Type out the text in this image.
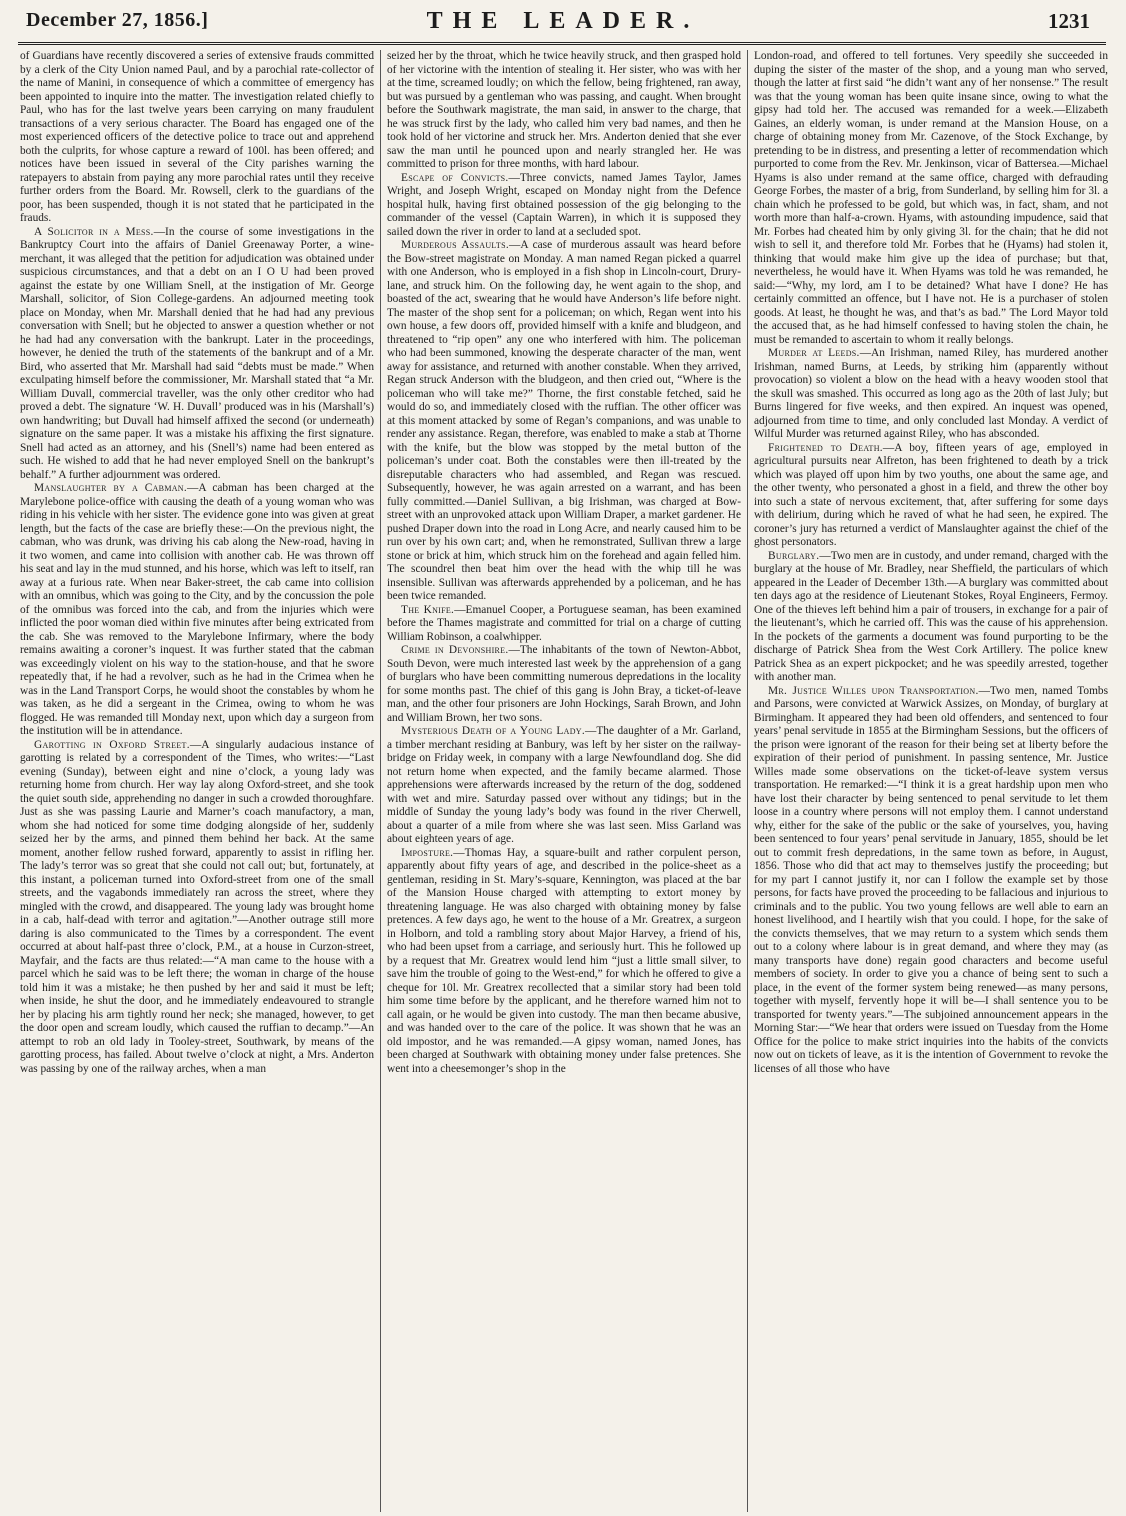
December 27, 1856.]	THE LEADER.	1231

of Guardians have recently discovered a series of extensive frauds committed by a clerk of the City Union named Paul, and by a parochial rate-collector of the name of Manini, in consequence of which a committee of emergency has been appointed to inquire into the matter. The investigation related chiefly to Paul, who has for the last twelve years been carrying on many fraudulent transactions of a very serious character. The Board has engaged one of the most experienced officers of the detective police to trace out and apprehend both the culprits, for whose capture a reward of 100l. has been offered; and notices have been issued in several of the City parishes warning the ratepayers to abstain from paying any more parochial rates until they receive further orders from the Board. Mr. Rowsell, clerk to the guardians of the poor, has been suspended, though it is not stated that he participated in the frauds.

A Solicitor in a Mess.—In the course of some investigations in the Bankruptcy Court into the affairs of Daniel Greenaway Porter, a wine-merchant, it was alleged that the petition for adjudication was obtained under suspicious circumstances, and that a debt on an I O U had been proved against the estate by one William Snell, at the instigation of Mr. George Marshall, solicitor, of Sion College-gardens. An adjourned meeting took place on Monday, when Mr. Marshall denied that he had had any previous conversation with Snell; but he objected to answer a question whether or not he had had any conversation with the bankrupt. Later in the proceedings, however, he denied the truth of the statements of the bankrupt and of a Mr. Bird, who asserted that Mr. Marshall had said “debts must be made.” When exculpating himself before the commissioner, Mr. Marshall stated that “a Mr. William Duvall, commercial traveller, was the only other creditor who had proved a debt. The signature ‘W. H. Duvall’ produced was in his (Marshall’s) own handwriting; but Duvall had himself affixed the second (or underneath) signature on the same paper. It was a mistake his affixing the first signature. Snell had acted as an attorney, and his (Snell’s) name had been entered as such. He wished to add that he had never employed Snell on the bankrupt’s behalf.” A further adjournment was ordered.

Manslaughter by a Cabman.—A cabman has been charged at the Marylebone police-office with causing the death of a young woman who was riding in his vehicle with her sister. The evidence gone into was given at great length, but the facts of the case are briefly these:—On the previous night, the cabman, who was drunk, was driving his cab along the New-road, having in it two women, and came into collision with another cab. He was thrown off his seat and lay in the mud stunned, and his horse, which was left to itself, ran away at a furious rate. When near Baker-street, the cab came into collision with an omnibus, which was going to the City, and by the concussion the pole of the omnibus was forced into the cab, and from the injuries which were inflicted the poor woman died within five minutes after being extricated from the cab. She was removed to the Marylebone Infirmary, where the body remains awaiting a coroner’s inquest. It was further stated that the cabman was exceedingly violent on his way to the station-house, and that he swore repeatedly that, if he had a revolver, such as he had in the Crimea when he was in the Land Transport Corps, he would shoot the constables by whom he was taken, as he did a sergeant in the Crimea, owing to whom he was flogged. He was remanded till Monday next, upon which day a surgeon from the institution will be in attendance.

Garotting in Oxford Street.—A singularly audacious instance of garotting is related by a correspondent of the Times, who writes:—“Last evening (Sunday), between eight and nine o’clock, a young lady was returning home from church. Her way lay along Oxford-street, and she took the quiet south side, apprehending no danger in such a crowded thoroughfare. Just as she was passing Laurie and Marner’s coach manufactory, a man, whom she had noticed for some time dodging alongside of her, suddenly seized her by the arms, and pinned them behind her back. At the same moment, another fellow rushed forward, apparently to assist in rifling her. The lady’s terror was so great that she could not call out; but, fortunately, at this instant, a policeman turned into Oxford-street from one of the small streets, and the vagabonds immediately ran across the street, where they mingled with the crowd, and disappeared. The young lady was brought home in a cab, half-dead with terror and agitation.”—Another outrage still more daring is also communicated to the Times by a correspondent. The event occurred at about half-past three o’clock, P.M., at a house in Curzon-street, Mayfair, and the facts are thus related:—“A man came to the house with a parcel which he said was to be left there; the woman in charge of the house told him it was a mistake; he then pushed by her and said it must be left; when inside, he shut the door, and he immediately endeavoured to strangle her by placing his arm tightly round her neck; she managed, however, to get the door open and scream loudly, which caused the ruffian to decamp.”—An attempt to rob an old lady in Tooley-street, Southwark, by means of the garotting process, has failed. About twelve o’clock at night, a Mrs. Anderton was passing by one of the railway arches, when a man

seized her by the throat, which he twice heavily struck, and then grasped hold of her victorine with the intention of stealing it. Her sister, who was with her at the time, screamed loudly; on which the fellow, being frightened, ran away, but was pursued by a gentleman who was passing, and caught. When brought before the Southwark magistrate, the man said, in answer to the charge, that he was struck first by the lady, who called him very bad names, and then he took hold of her victorine and struck her. Mrs. Anderton denied that she ever saw the man until he pounced upon and nearly strangled her. He was committed to prison for three months, with hard labour.

Escape of Convicts.—Three convicts, named James Taylor, James Wright, and Joseph Wright, escaped on Monday night from the Defence hospital hulk, having first obtained possession of the gig belonging to the commander of the vessel (Captain Warren), in which it is supposed they sailed down the river in order to land at a secluded spot.

Murderous Assaults.—A case of murderous assault was heard before the Bow-street magistrate on Monday. A man named Regan picked a quarrel with one Anderson, who is employed in a fish shop in Lincoln-court, Drury-lane, and struck him. On the following day, he went again to the shop, and boasted of the act, swearing that he would have Anderson’s life before night. The master of the shop sent for a policeman; on which, Regan went into his own house, a few doors off, provided himself with a knife and bludgeon, and threatened to “rip open” any one who interfered with him. The policeman who had been summoned, knowing the desperate character of the man, went away for assistance, and returned with another constable. When they arrived, Regan struck Anderson with the bludgeon, and then cried out, “Where is the policeman who will take me?” Thorne, the first constable fetched, said he would do so, and immediately closed with the ruffian. The other officer was at this moment attacked by some of Regan’s companions, and was unable to render any assistance. Regan, therefore, was enabled to make a stab at Thorne with the knife, but the blow was stopped by the metal button of the policeman’s under coat. Both the constables were then ill-treated by the disreputable characters who had assembled, and Regan was rescued. Subsequently, however, he was again arrested on a warrant, and has been fully committed.—Daniel Sullivan, a big Irishman, was charged at Bow-street with an unprovoked attack upon William Draper, a market gardener. He pushed Draper down into the road in Long Acre, and nearly caused him to be run over by his own cart; and, when he remonstrated, Sullivan threw a large stone or brick at him, which struck him on the forehead and again felled him. The scoundrel then beat him over the head with the whip till he was insensible. Sullivan was afterwards apprehended by a policeman, and he has been twice remanded.

The Knife.—Emanuel Cooper, a Portuguese seaman, has been examined before the Thames magistrate and committed for trial on a charge of cutting William Robinson, a coalwhipper.

Crime in Devonshire.—The inhabitants of the town of Newton-Abbot, South Devon, were much interested last week by the apprehension of a gang of burglars who have been committing numerous depredations in the locality for some months past. The chief of this gang is John Bray, a ticket-of-leave man, and the other four prisoners are John Hockings, Sarah Brown, and John and William Brown, her two sons.

Mysterious Death of a Young Lady.—The daughter of a Mr. Garland, a timber merchant residing at Banbury, was left by her sister on the railway-bridge on Friday week, in company with a large Newfoundland dog. She did not return home when expected, and the family became alarmed. Those apprehensions were afterwards increased by the return of the dog, soddened with wet and mire. Saturday passed over without any tidings; but in the middle of Sunday the young lady’s body was found in the river Cherwell, about a quarter of a mile from where she was last seen. Miss Garland was about eighteen years of age.

Imposture.—Thomas Hay, a square-built and rather corpulent person, apparently about fifty years of age, and described in the police-sheet as a gentleman, residing in St. Mary’s-square, Kennington, was placed at the bar of the Mansion House charged with attempting to extort money by threatening language. He was also charged with obtaining money by false pretences. A few days ago, he went to the house of a Mr. Greatrex, a surgeon in Holborn, and told a rambling story about Major Harvey, a friend of his, who had been upset from a carriage, and seriously hurt. This he followed up by a request that Mr. Greatrex would lend him “just a little small silver, to save him the trouble of going to the West-end,” for which he offered to give a cheque for 10l. Mr. Greatrex recollected that a similar story had been told him some time before by the applicant, and he therefore warned him not to call again, or he would be given into custody. The man then became abusive, and was handed over to the care of the police. It was shown that he was an old impostor, and he was remanded.—A gipsy woman, named Jones, has been charged at Southwark with obtaining money under false pretences. She went into a cheesemonger’s shop in the

London-road, and offered to tell fortunes. Very speedily she succeeded in duping the sister of the master of the shop, and a young man who served, though the latter at first said “he didn’t want any of her nonsense.” The result was that the young woman has been quite insane since, owing to what the gipsy had told her. The accused was remanded for a week.—Elizabeth Gaines, an elderly woman, is under remand at the Mansion House, on a charge of obtaining money from Mr. Cazenove, of the Stock Exchange, by pretending to be in distress, and presenting a letter of recommendation which purported to come from the Rev. Mr. Jenkinson, vicar of Battersea.—Michael Hyams is also under remand at the same office, charged with defrauding George Forbes, the master of a brig, from Sunderland, by selling him for 3l. a chain which he professed to be gold, but which was, in fact, sham, and not worth more than half-a-crown. Hyams, with astounding impudence, said that Mr. Forbes had cheated him by only giving 3l. for the chain; that he did not wish to sell it, and therefore told Mr. Forbes that he (Hyams) had stolen it, thinking that would make him give up the idea of purchase; but that, nevertheless, he would have it. When Hyams was told he was remanded, he said:—“Why, my lord, am I to be detained? What have I done? He has certainly committed an offence, but I have not. He is a purchaser of stolen goods. At least, he thought he was, and that’s as bad.” The Lord Mayor told the accused that, as he had himself confessed to having stolen the chain, he must be remanded to ascertain to whom it really belongs.

Murder at Leeds.—An Irishman, named Riley, has murdered another Irishman, named Burns, at Leeds, by striking him (apparently without provocation) so violent a blow on the head with a heavy wooden stool that the skull was smashed. This occurred as long ago as the 20th of last July; but Burns lingered for five weeks, and then expired. An inquest was opened, adjourned from time to time, and only concluded last Monday. A verdict of Wilful Murder was returned against Riley, who has absconded.

Frightened to Death.—A boy, fifteen years of age, employed in agricultural pursuits near Alfreton, has been frightened to death by a trick which was played off upon him by two youths, one about the same age, and the other twenty, who personated a ghost in a field, and threw the other boy into such a state of nervous excitement, that, after suffering for some days with delirium, during which he raved of what he had seen, he expired. The coroner’s jury has returned a verdict of Manslaughter against the chief of the ghost personators.

Burglary.—Two men are in custody, and under remand, charged with the burglary at the house of Mr. Bradley, near Sheffield, the particulars of which appeared in the Leader of December 13th.—A burglary was committed about ten days ago at the residence of Lieutenant Stokes, Royal Engineers, Fermoy. One of the thieves left behind him a pair of trousers, in exchange for a pair of the lieutenant’s, which he carried off. This was the cause of his apprehension. In the pockets of the garments a document was found purporting to be the discharge of Patrick Shea from the West Cork Artillery. The police knew Patrick Shea as an expert pickpocket; and he was speedily arrested, together with another man.

Mr. Justice Willes upon Transportation.—Two men, named Tombs and Parsons, were convicted at Warwick Assizes, on Monday, of burglary at Birmingham. It appeared they had been old offenders, and sentenced to four years’ penal servitude in 1855 at the Birmingham Sessions, but the officers of the prison were ignorant of the reason for their being set at liberty before the expiration of their period of punishment. In passing sentence, Mr. Justice Willes made some observations on the ticket-of-leave system versus transportation. He remarked:—“I think it is a great hardship upon men who have lost their character by being sentenced to penal servitude to let them loose in a country where persons will not employ them. I cannot understand why, either for the sake of the public or the sake of yourselves, you, having been sentenced to four years’ penal servitude in January, 1855, should be let out to commit fresh depredations, in the same town as before, in August, 1856. Those who did that act may to themselves justify the proceeding; but for my part I cannot justify it, nor can I follow the example set by those persons, for facts have proved the proceeding to be fallacious and injurious to criminals and to the public. You two young fellows are well able to earn an honest livelihood, and I heartily wish that you could. I hope, for the sake of the convicts themselves, that we may return to a system which sends them out to a colony where labour is in great demand, and where they may (as many transports have done) regain good characters and become useful members of society. In order to give you a chance of being sent to such a place, in the event of the former system being renewed—as many persons, together with myself, fervently hope it will be—I shall sentence you to be transported for twenty years.”—The subjoined announcement appears in the Morning Star:—“We hear that orders were issued on Tuesday from the Home Office for the police to make strict inquiries into the habits of the convicts now out on tickets of leave, as it is the intention of Government to revoke the licenses of all those who have
